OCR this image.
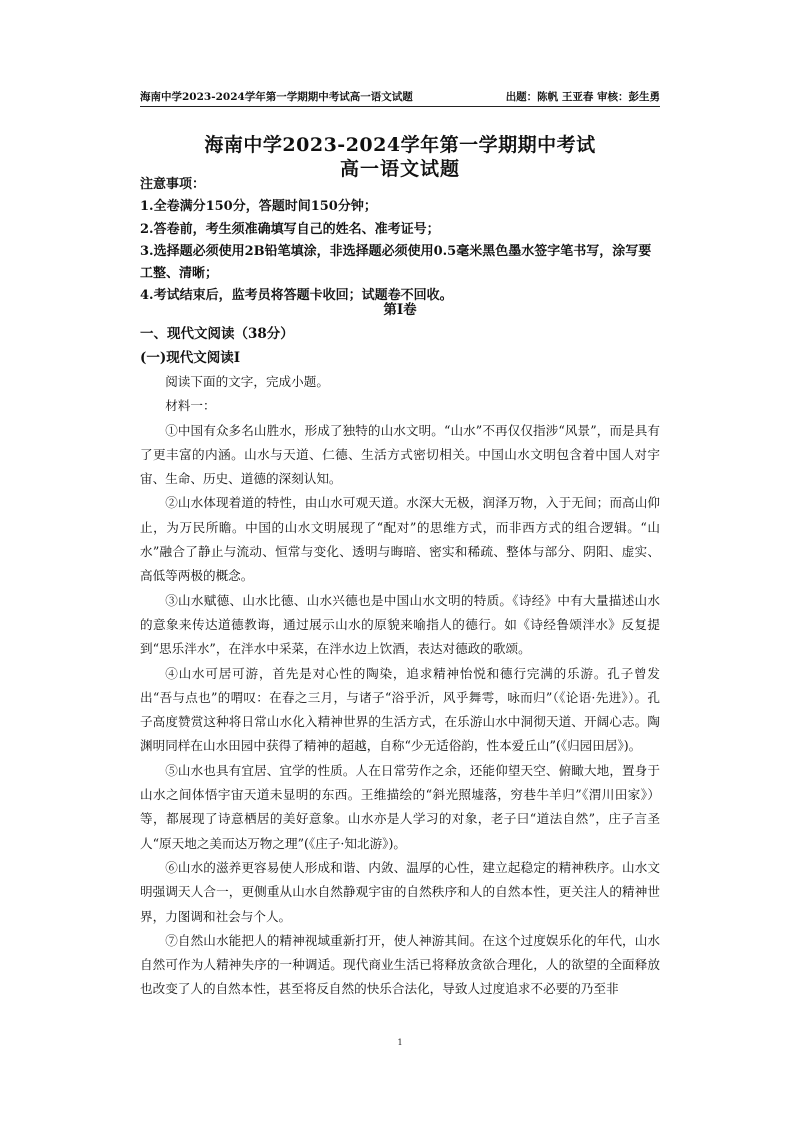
海南中学2023-2024学年第一学期期中考试高一语文试题	出题：陈帆 王亚春 审核：彭生勇
海南中学2023-2024学年第一学期期中考试
高一语文试题
注意事项：
1.全卷满分150分，答题时间150分钟；
2.答卷前，考生须准确填写自己的姓名、准考证号；
3.选择题必须使用2B铅笔填涂，非选择题必须使用0.5毫米黑色墨水签字笔书写，涂写要工整、清晰；
4.考试结束后，监考员将答题卡收回；试题卷不回收。
第Ⅰ卷
一、现代文阅读（38分）
(一)现代文阅读Ⅰ

阅读下面的文字，完成小题。

材料一：

①中国有众多名山胜水，形成了独特的山水文明。“山水”不再仅仅指涉“风景”，而是具有了更丰富的内涵。山水与天道、仁德、生活方式密切相关。中国山水文明包含着中国人对宇宙、生命、历史、道德的深刻认知。

②山水体现着道的特性，由山水可观天道。水深大无极，润泽万物，入于无间；而高山仰止，为万民所瞻。中国的山水文明展现了“配对”的思维方式，而非西方式的组合逻辑。“山水”融合了静止与流动、恒常与变化、透明与晦暗、密实和稀疏、整体与部分、阴阳、虚实、高低等两极的概念。

③山水赋德、山水比德、山水兴德也是中国山水文明的特质。《诗经》中有大量描述山水的意象来传达道德教诲，通过展示山水的原貌来喻指人的德行。如《诗经鲁颂泮水》反复提到“思乐泮水”，在泮水中采菜，在泮水边上饮酒，表达对德政的歌颂。

④山水可居可游，首先是对心性的陶染，追求精神怡悦和德行完满的乐游。孔子曾发出“吾与点也”的喟叹：在春之三月，与诸子“浴乎沂，风乎舞雩，咏而归”（《论语·先进》）。孔子高度赞赏这种将日常山水化入精神世界的生活方式，在乐游山水中洞彻天道、开阔心志。陶渊明同样在山水田园中获得了精神的超越，自称“少无适俗韵，性本爱丘山”(《归园田居》)。

⑤山水也具有宜居、宜学的性质。人在日常劳作之余，还能仰望天空、俯瞰大地，置身于山水之间体悟宇宙天道未显明的东西。王维描绘的“斜光照墟落，穷巷牛羊归”《渭川田家》）等，都展现了诗意栖居的美好意象。山水亦是人学习的对象，老子曰“道法自然”，庄子言圣人“原天地之美而达万物之理”(《庄子·知北游》)。

⑥山水的滋养更容易使人形成和谐、内敛、温厚的心性，建立起稳定的精神秩序。山水文明强调天人合一，更侧重从山水自然静观宇宙的自然秩序和人的自然本性，更关注人的精神世界，力图调和社会与个人。

⑦自然山水能把人的精神视域重新打开，使人神游其间。在这个过度娱乐化的年代，山水自然可作为人精神失序的一种调适。现代商业生活已将释放贪欲合理化，人的欲望的全面释放也改变了人的自然本性，甚至将反自然的快乐合法化，导致人过度追求不必要的乃至非

1
